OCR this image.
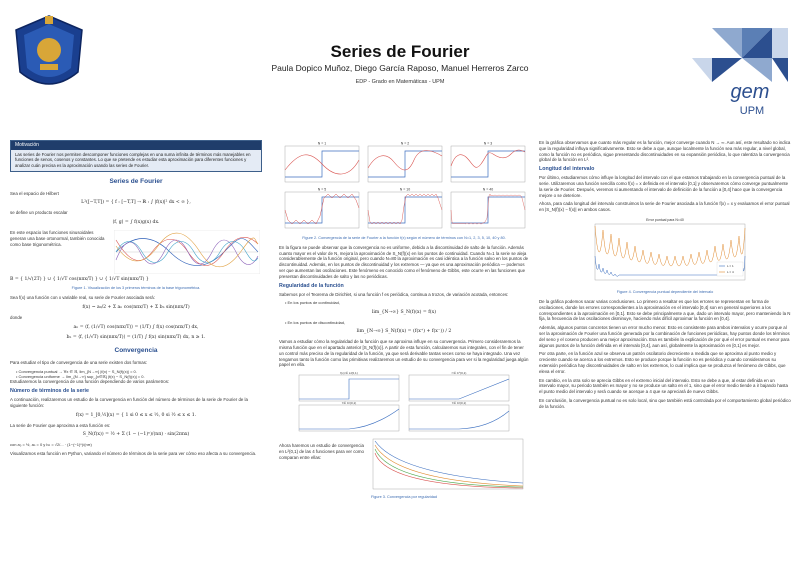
Series de Fourier
Paula Dopico Muñoz, Diego García Raposo, Manuel Herreros Zarco
EDP - Grado en Matemáticas - UPM	gem
UPM
Motivación
Las series de Fourier nos permiten descomponer funciones complejas en una suma infinita de términos más manejables en funciones de senos, cosenos y constantes. Lo que se pretende es estudiar esta aproximación para diferentes funciones y analizar cuán precisa es la aproximación usando las series de Fourier.
Series de Fourier
Sea el espacio de Hilbert
L²([−T,T]) = { f : [−T,T] → ℝ : ∫ |f(x)|² dx < ∞ },
se define un producto escalar
⟨f, g⟩ = ∫ f(x)g(x) dx.
En este espacio las funciones sinusoidales generan una base ortonormal, también conocida como base trigonométrica.
B = { 1/√(2T) } ∪ { 1/√T cos(nπx/T) } ∪ { 1/√T sin(nπx/T) }
Figure 1. Visualización de los 3 primeros términos de la base trigonométrica.
Sea f(x) una función con x variable real, su serie de Fourier asociada será:
f(x) ~ a₀/2 + Σ aₙ cos(nπx/T) + Σ bₙ sin(nπx/T)
donde
aₙ = ⟨f, (1/√T) cos(nπx/T)⟩ = (1/T) ∫ f(x) cos(nπx/T) dx,
bₙ = ⟨f, (1/√T) sin(nπx/T)⟩ = (1/T) ∫ f(x) sin(nπx/T) dx, n ≥ 1.
Convergencia
Para estudiar el tipo de convergencia de una serie existen dos formas:
• Convergencia puntual → ∀x ∈ ℝ, lim_{N→∞} |f(x) − S_N(f)(x)| = 0.
• Convergencia uniforme → lim_{N→∞} sup_{x∈ℝ} |f(x) − S_N(f)(x)| = 0.
Estudiaremos la convergencia de una función dependiendo de varios parámetros:
Número de términos de la serie
A continuación, realizaremos un estudio de la convergencia en función del número de términos de la serie de Fourier de la siguiente función:
f(x) = 1_[0,½](x) = { 1 si 0 ≤ x ≤ ½, 0 si ½ ≤ x ≤ 1.
La serie de Fourier que aproxima a esta función es:
S_N(f(x)) = ½ + Σ (1 − (−1)ⁿ)/(nπ) · sin(2πnx)
con a₀ = ½, aₙ = 0 y bₙ = √2/... · (1−(−1)ⁿ)/(nπ)
Visualizamos esta función en Python, variando el número de términos de la serie para ver cómo eso afecta a su convergencia.
N = 1	N = 2	N = 3
N = 5	N = 10	N = 40
Figure 2. Convergencia de la serie de Fourier a la función f(x) según el número de términos con N=1, 2, 3, 5, 10, 40 y 80.
En la figura se puede observar que la convergencia no es uniforme, debido a la discontinuidad de salto de la función. Además cuanto mayor es el valor de N, mejora la aproximación de S_N(f)(x) en los puntos de continuidad. Cuando N=1 la serie se aleja considerablemente de la función original, pero cuando N=80 la aproximación es casi idéntica a la función salvo en los puntos de discontinuidad. Además, en los puntos de discontinuidad y los extremos — ya que es una aproximación periódica — podemos ver que aumentan las oscilaciones. Este fenómeno es conocido como el fenómeno de Gibbs, este ocurre en las funciones que presentan discontinuidades de salto y las no periódicas.
Regularidad de la función
Sabemos por el Teorema de Dirichlet, si una función f es periódica, continua a trozos, de variación acotada, entonces:
• En los puntos de continuidad,
lim_{N→∞} S_N(f)(x) = f(x)
• En los puntos de discontinuidad,
lim_{N→∞} S_N(f)(x) = (f(x⁺) + f(x⁻)) / 2
Vamos a estudiar cómo la regularidad de la función que se aproxima influye en su convergencia. Primero consideraremos la misma función que en el apartado anterior [S_N(f)(x)]. A partir de esta función, calcularemos sus integrales, con el fin de tener un control más preciso de la regularidad de la función, ya que será derivable tantas veces como se haya integrado. Una vez tengamos tanto la función como las primitivas realizaremos un estudio de su convergencia para ver si la regularidad juega algún papel en ella.
f(x) ∈ L²(0,1)	f ∈ C⁰(0,1)
f ∈ C¹(0,1)	f ∈ C²(0,1)
Ahora haremos un estudio de convergencia en L²(0,1) de las 4 funciones para ver como comparan entre ellas:
Figure 3. Convergencia por regularidad
En la gráfica observamos que cuanto más regular es la función, mejor converge cuando N → ∞. Aun así, este resultado no indica que la regularidad influya significativamente. Esto se debe a que, aunque localmente la función sea más regular, a nivel global, como la función no es periódica, sigue presentando discontinuidades en su expansión periódica, lo que ralentiza la convergencia global de la función en L².
Longitud del intervalo
Por último, estudiaremos cómo influye la longitud del intervalo con el que estamos trabajando en la convergencia puntual de la serie. Utilizaremos una función sencilla como f(x) = x definida en el intervalo [0,1] y observaremos cómo converge puntualmente la serie de Fourier. Después, veremos si aumentando el intervalo de definición de la función a [0,4] hace que la convergencia mejore o se deteriore.
Ahora, para cada longitud del intervalo construimos la serie de Fourier asociada a la función f(x) = x y evaluamos el error puntual en |S_N(f)(x) − f(x)| en ambos casos.
Error puntual para N=40
L = 1
L = 4
Figure 4. Convergencia puntual dependiente del intervalo
De la gráfica podemos sacar varias conclusiones. Lo primero a resaltar es que los errores se representan en forma de oscilaciones, donde los errores correspondientes a la aproximación en el intervalo [0,4] son en general superiores a los correspondientes a la aproximación en [0,1]. Esto se debe principalmente a que, dado un intervalo mayor, pero manteniendo la N fija, la frecuencia de las oscilaciones disminuye, haciendo más difícil aproximar la función en [0,4].
Además, algunos puntos concretos tienen un error mucho menor. Esto es consistente para ambos intervalos y ocurre porque al ser la aproximación de Fourier una función generada por la combinación de funciones periódicas, hay puntos donde los términos del seno y el coseno producen una mejor aproximación. Esa es también la explicación de por qué el error puntual es menor para algunos puntos de la función definida en el intervalo [0,4], aun así, globalmente la aproximación en [0,1] es mejor.
Por otra parte, en la función azul se observa un patrón oscilatorio decreciente a medida que se aproxima al punto medio y creciente cuando se acerca a los extremos. Esto se produce porque la función no es periódica y cuando consideramos su extensión periódica hay discontinuidades de salto en los extremos, lo cual implica que se produzca el fenómeno de Gibbs, que eleva el error.
En cambio, en la otra solo se aprecia Gibbs en el extremo inicial del intervalo. Esto se debe a que, al estar definida en un intervalo mayor, su periodo también es mayor y no se produce un salto en el 1, sino que el error medio tiende a ir bajando hasta el punto medio del intervalo y será cuando se acerque a 4 que se apreciará de nuevo Gibbs.
En conclusión, la convergencia puntual no es solo local, sino que también está controlada por el comportamiento global periódico de la función.
